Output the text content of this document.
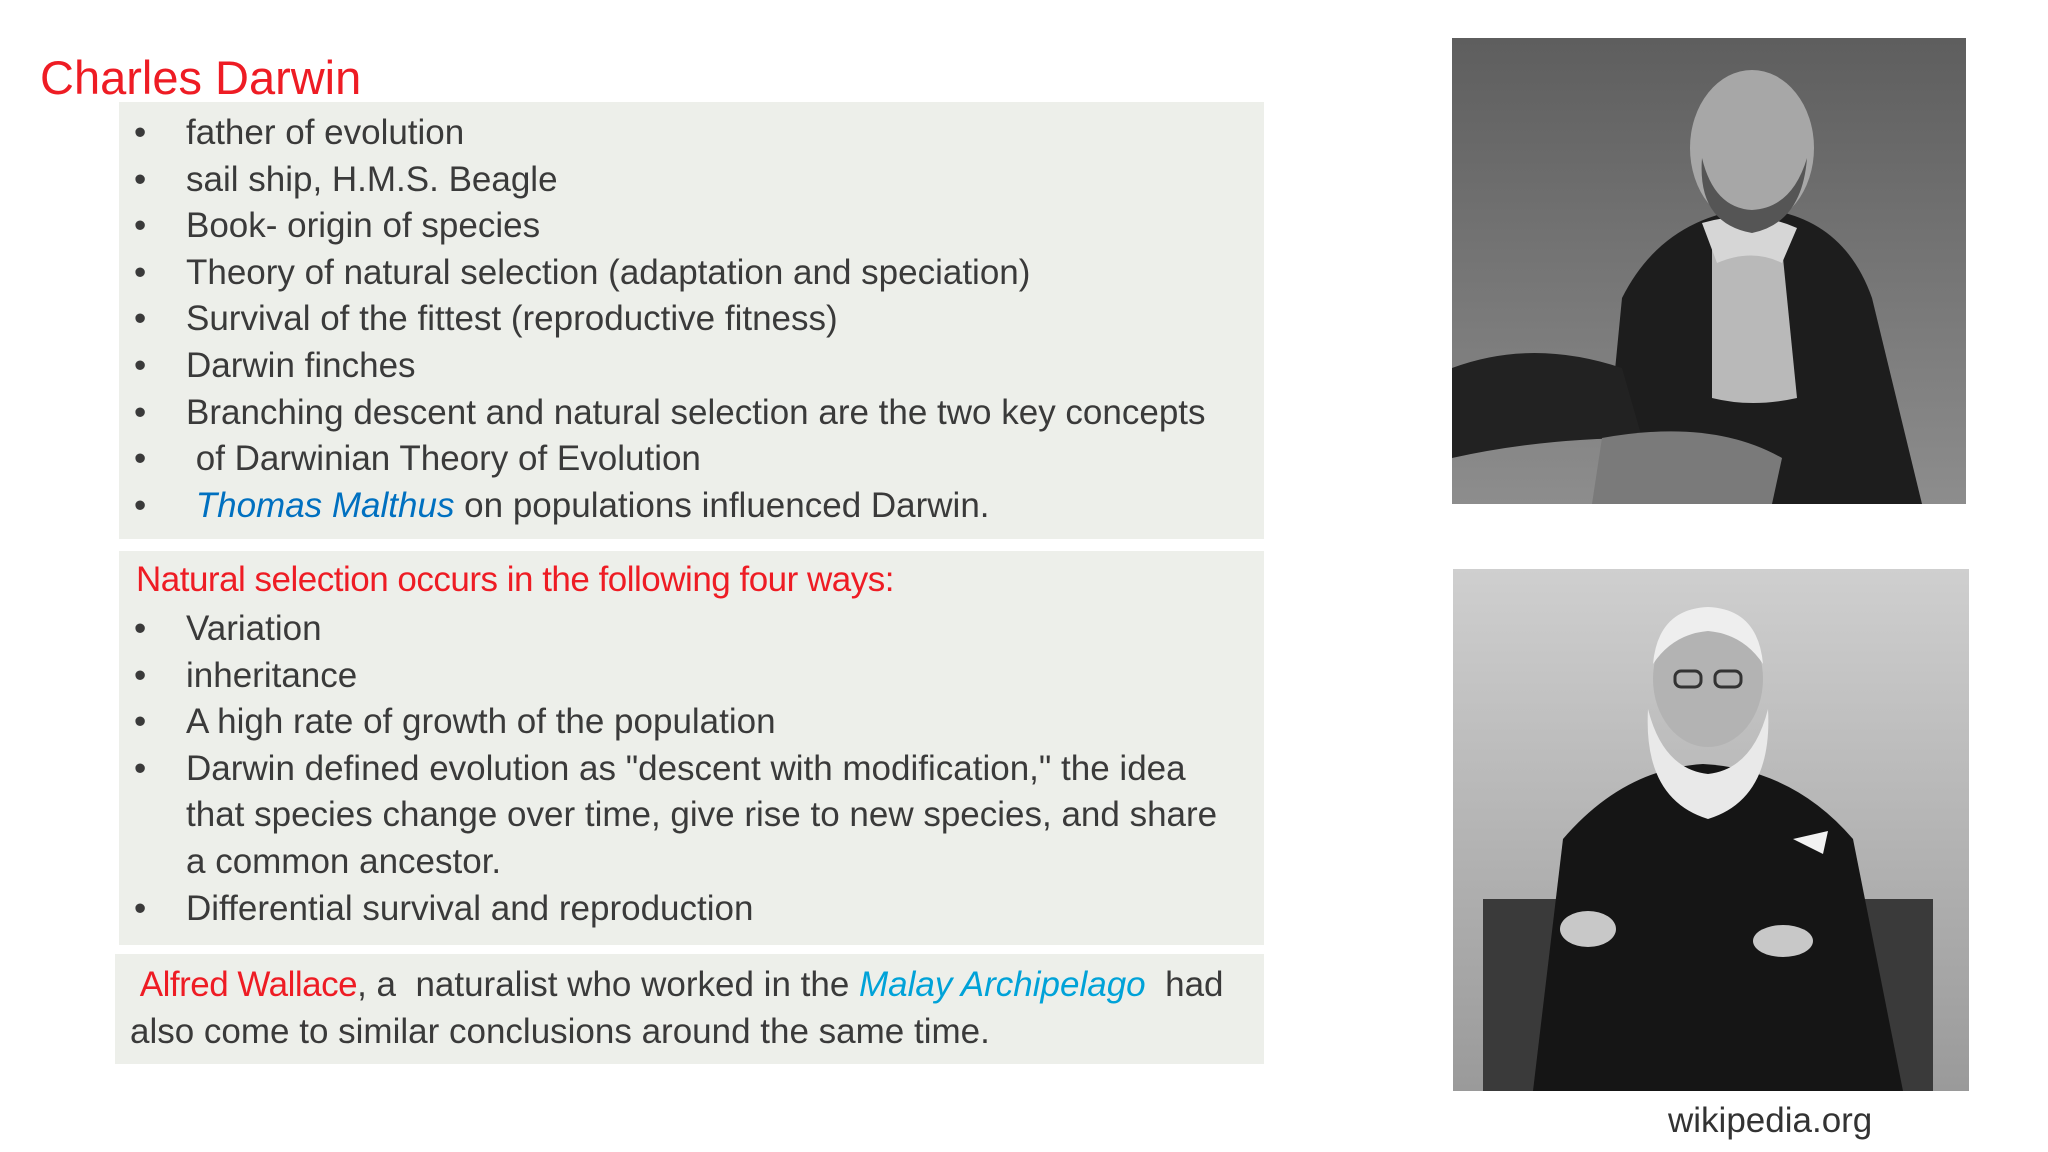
Charles Darwin
• father of evolution
• sail ship, H.M.S. Beagle
• Book- origin of species
• Theory of natural selection (adaptation and speciation)
• Survival of the fittest (reproductive fitness)
• Darwin finches
• Branching descent and natural selection are the two key concepts
•  of Darwinian Theory of Evolution
• Thomas Malthus on populations influenced Darwin.
Natural selection occurs in the following four ways:
• Variation
• inheritance
• A high rate of growth of the population
• Darwin defined evolution as "descent with modification," the idea that species change over time, give rise to new species, and share a common ancestor.
• Differential survival and reproduction
Alfred Wallace, a  naturalist who worked in the Malay Archipelago  had also come to similar conclusions around the same time.
wikipedia.org
